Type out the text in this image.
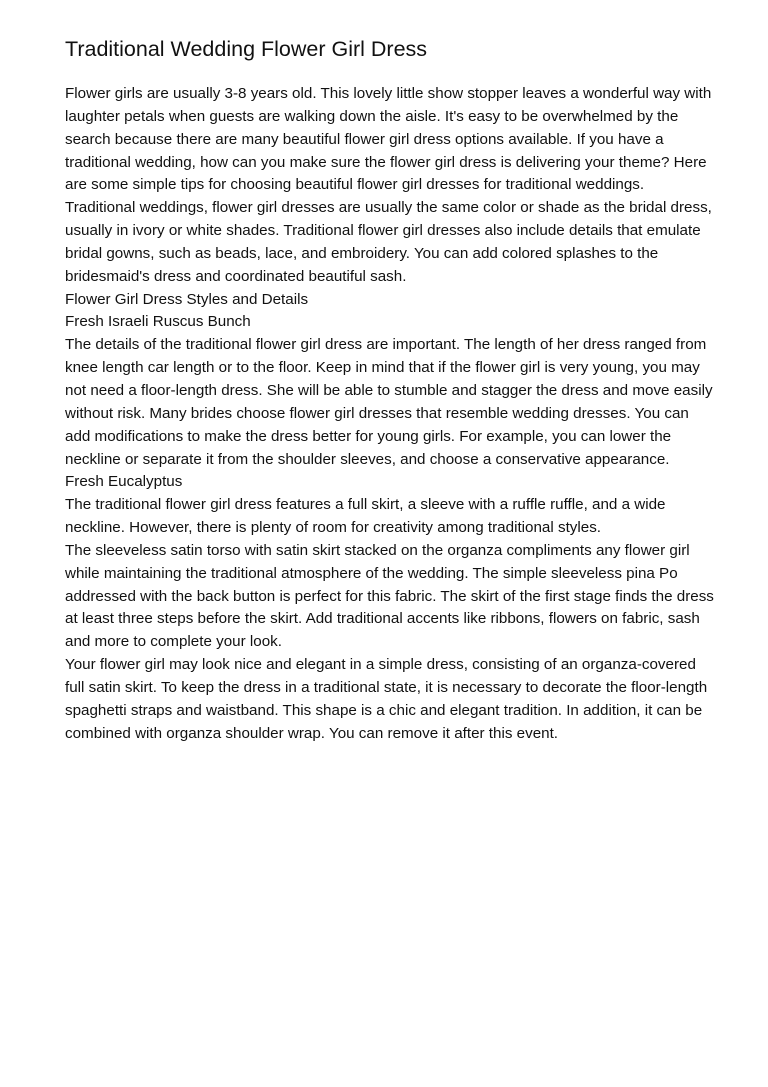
Traditional Wedding Flower Girl Dress

Flower girls are usually 3-8 years old. This lovely little show stopper leaves a wonderful way with laughter petals when guests are walking down the aisle. It's easy to be overwhelmed by the search because there are many beautiful flower girl dress options available. If you have a traditional wedding, how can you make sure the flower girl dress is delivering your theme? Here are some simple tips for choosing beautiful flower girl dresses for traditional weddings.

Traditional weddings, flower girl dresses are usually the same color or shade as the bridal dress, usually in ivory or white shades. Traditional flower girl dresses also include details that emulate bridal gowns, such as beads, lace, and embroidery. You can add colored splashes to the bridesmaid's dress and coordinated beautiful sash.

Flower Girl Dress Styles and Details

Fresh Israeli Ruscus Bunch

The details of the traditional flower girl dress are important. The length of her dress ranged from knee length car length or to the floor. Keep in mind that if the flower girl is very young, you may not need a floor-length dress. She will be able to stumble and stagger the dress and move easily without risk. Many brides choose flower girl dresses that resemble wedding dresses. You can add modifications to make the dress better for young girls. For example, you can lower the neckline or separate it from the shoulder sleeves, and choose a conservative appearance.

Fresh Eucalyptus

The traditional flower girl dress features a full skirt, a sleeve with a ruffle ruffle, and a wide neckline. However, there is plenty of room for creativity among traditional styles.

The sleeveless satin torso with satin skirt stacked on the organza compliments any flower girl while maintaining the traditional atmosphere of the wedding. The simple sleeveless pina Po addressed with the back button is perfect for this fabric. The skirt of the first stage finds the dress at least three steps before the skirt. Add traditional accents like ribbons, flowers on fabric, sash and more to complete your look.

Your flower girl may look nice and elegant in a simple dress, consisting of an organza-covered full satin skirt. To keep the dress in a traditional state, it is necessary to decorate the floor-length spaghetti straps and waistband. This shape is a chic and elegant tradition. In addition, it can be combined with organza shoulder wrap. You can remove it after this event.
